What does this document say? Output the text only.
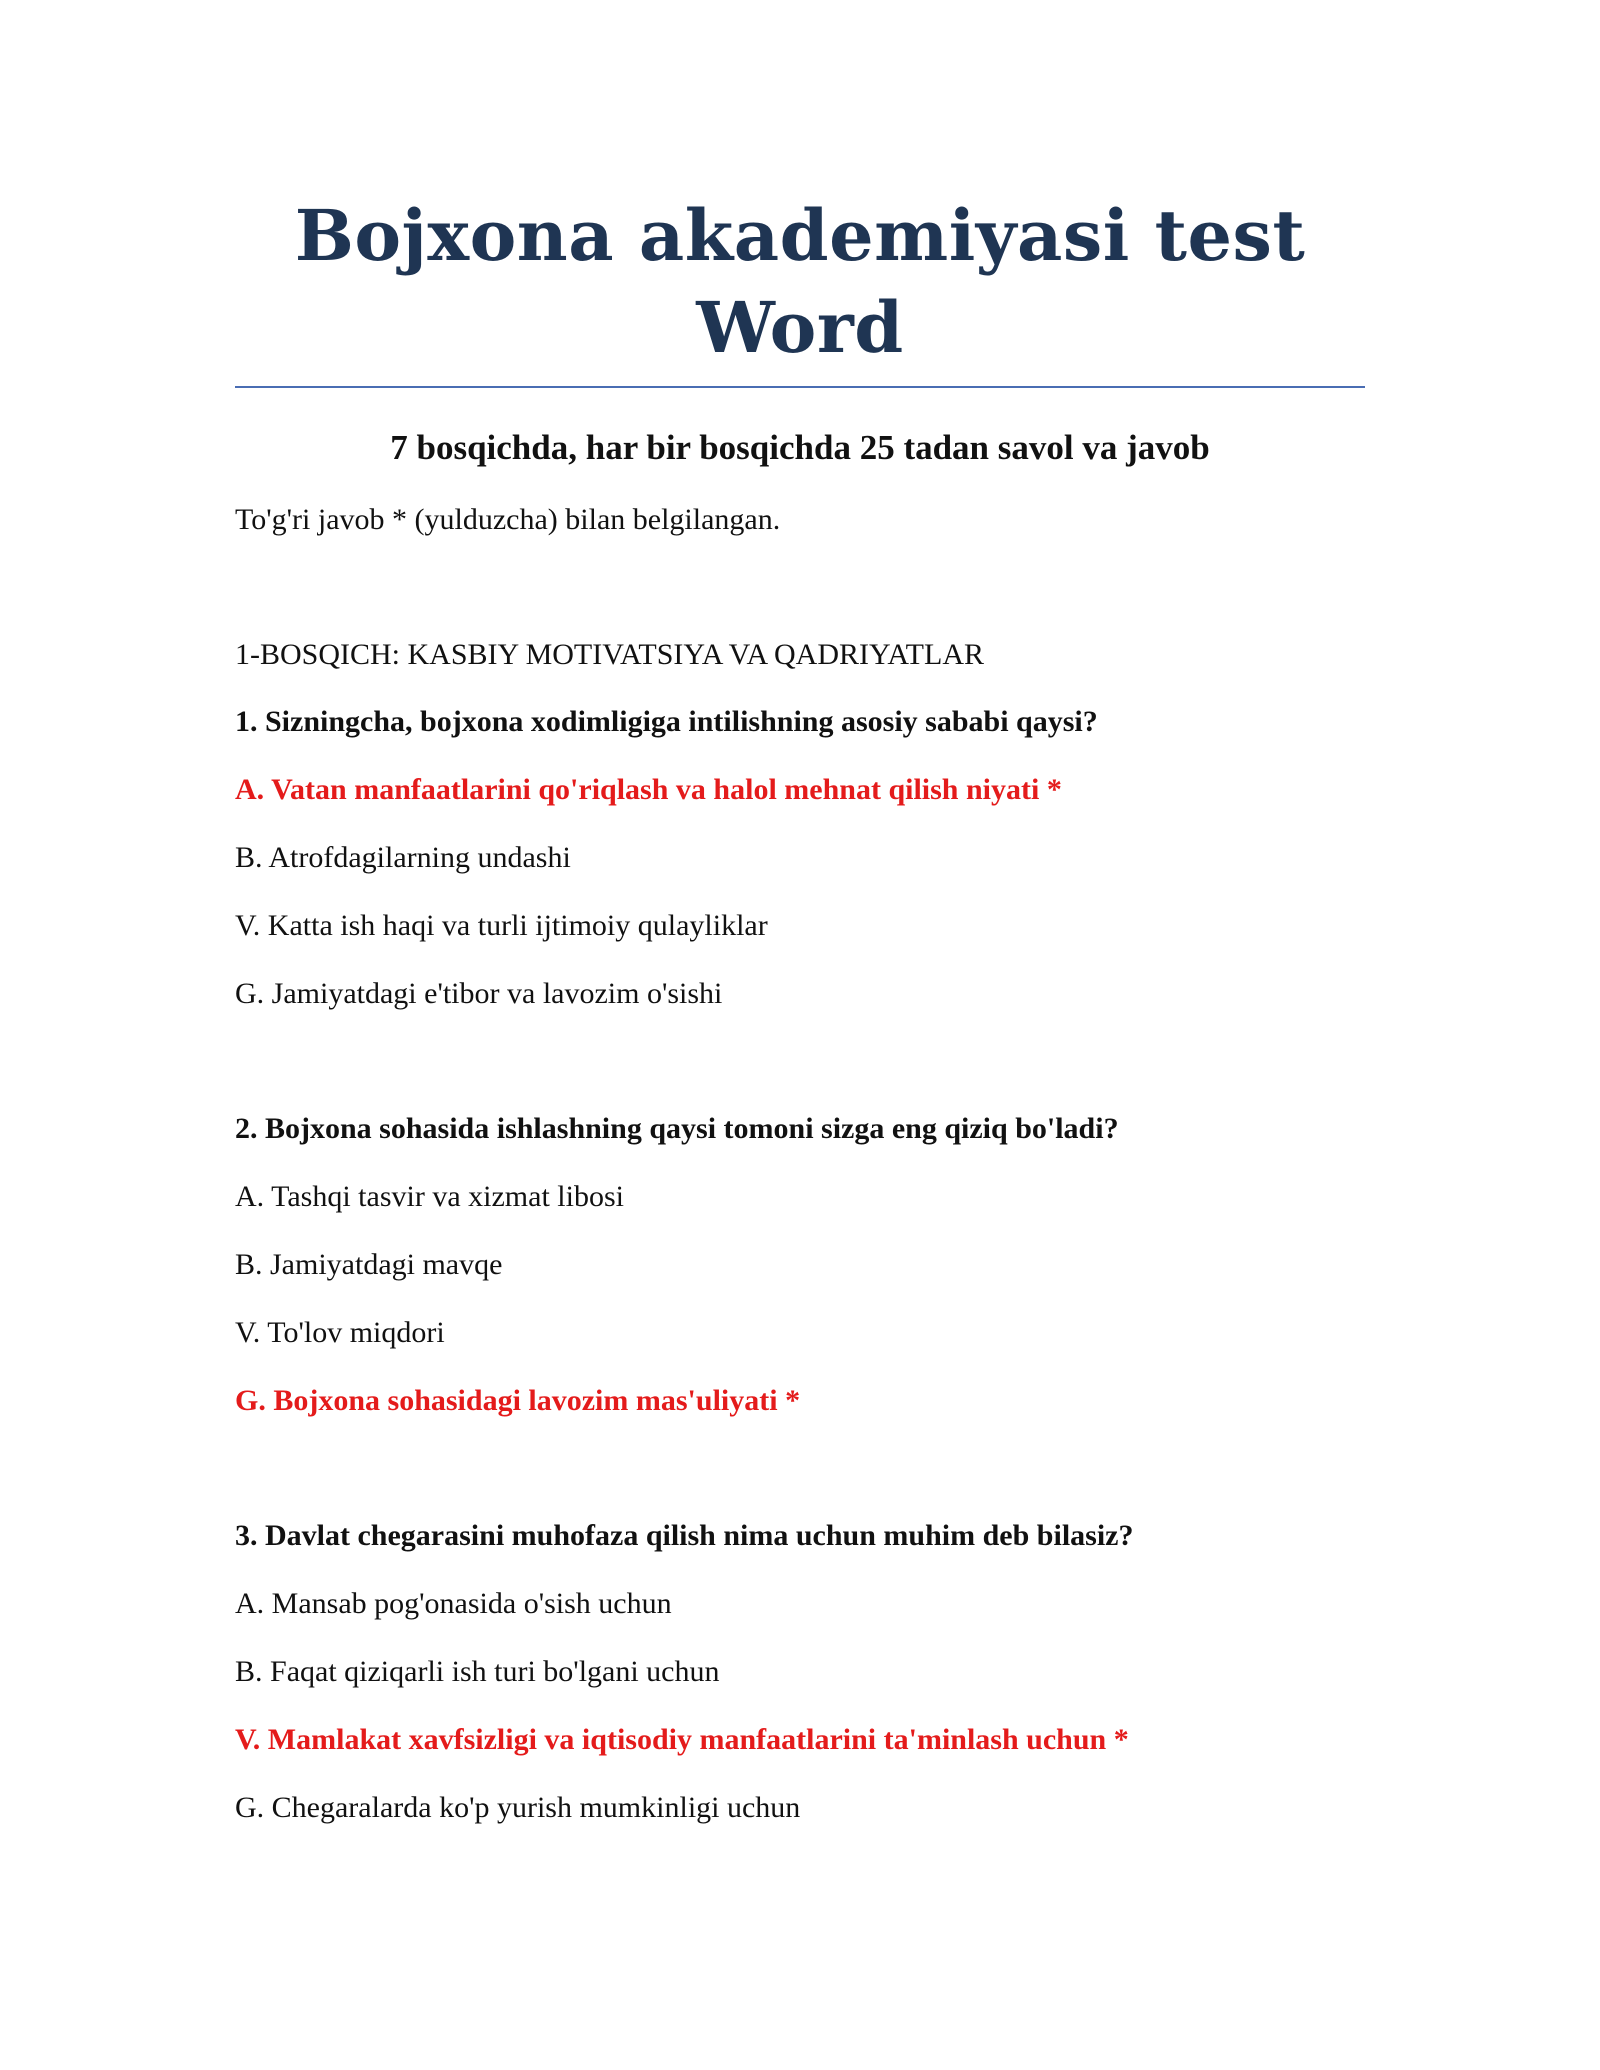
Bojxona akademiyasi test Word
7 bosqichda, har bir bosqichda 25 tadan savol va javob
To'g'ri javob * (yulduzcha) bilan belgilangan.
1-BOSQICH: KASBIY MOTIVATSIYA VA QADRIYATLAR
1. Sizningcha, bojxona xodimligiga intilishning asosiy sababi qaysi?
A. Vatan manfaatlarini qo'riqlash va halol mehnat qilish niyati *
B. Atrofdagilarning undashi
V. Katta ish haqi va turli ijtimoiy qulayliklar
G. Jamiyatdagi e'tibor va lavozim o'sishi
2. Bojxona sohasida ishlashning qaysi tomoni sizga eng qiziq bo'ladi?
A. Tashqi tasvir va xizmat libosi
B. Jamiyatdagi mavqe
V. To'lov miqdori
G. Bojxona sohasidagi lavozim mas'uliyati *
3. Davlat chegarasini muhofaza qilish nima uchun muhim deb bilasiz?
A. Mansab pog'onasida o'sish uchun
B. Faqat qiziqarli ish turi bo'lgani uchun
V. Mamlakat xavfsizligi va iqtisodiy manfaatlarini ta'minlash uchun *
G. Chegaralarda ko'p yurish mumkinligi uchun
